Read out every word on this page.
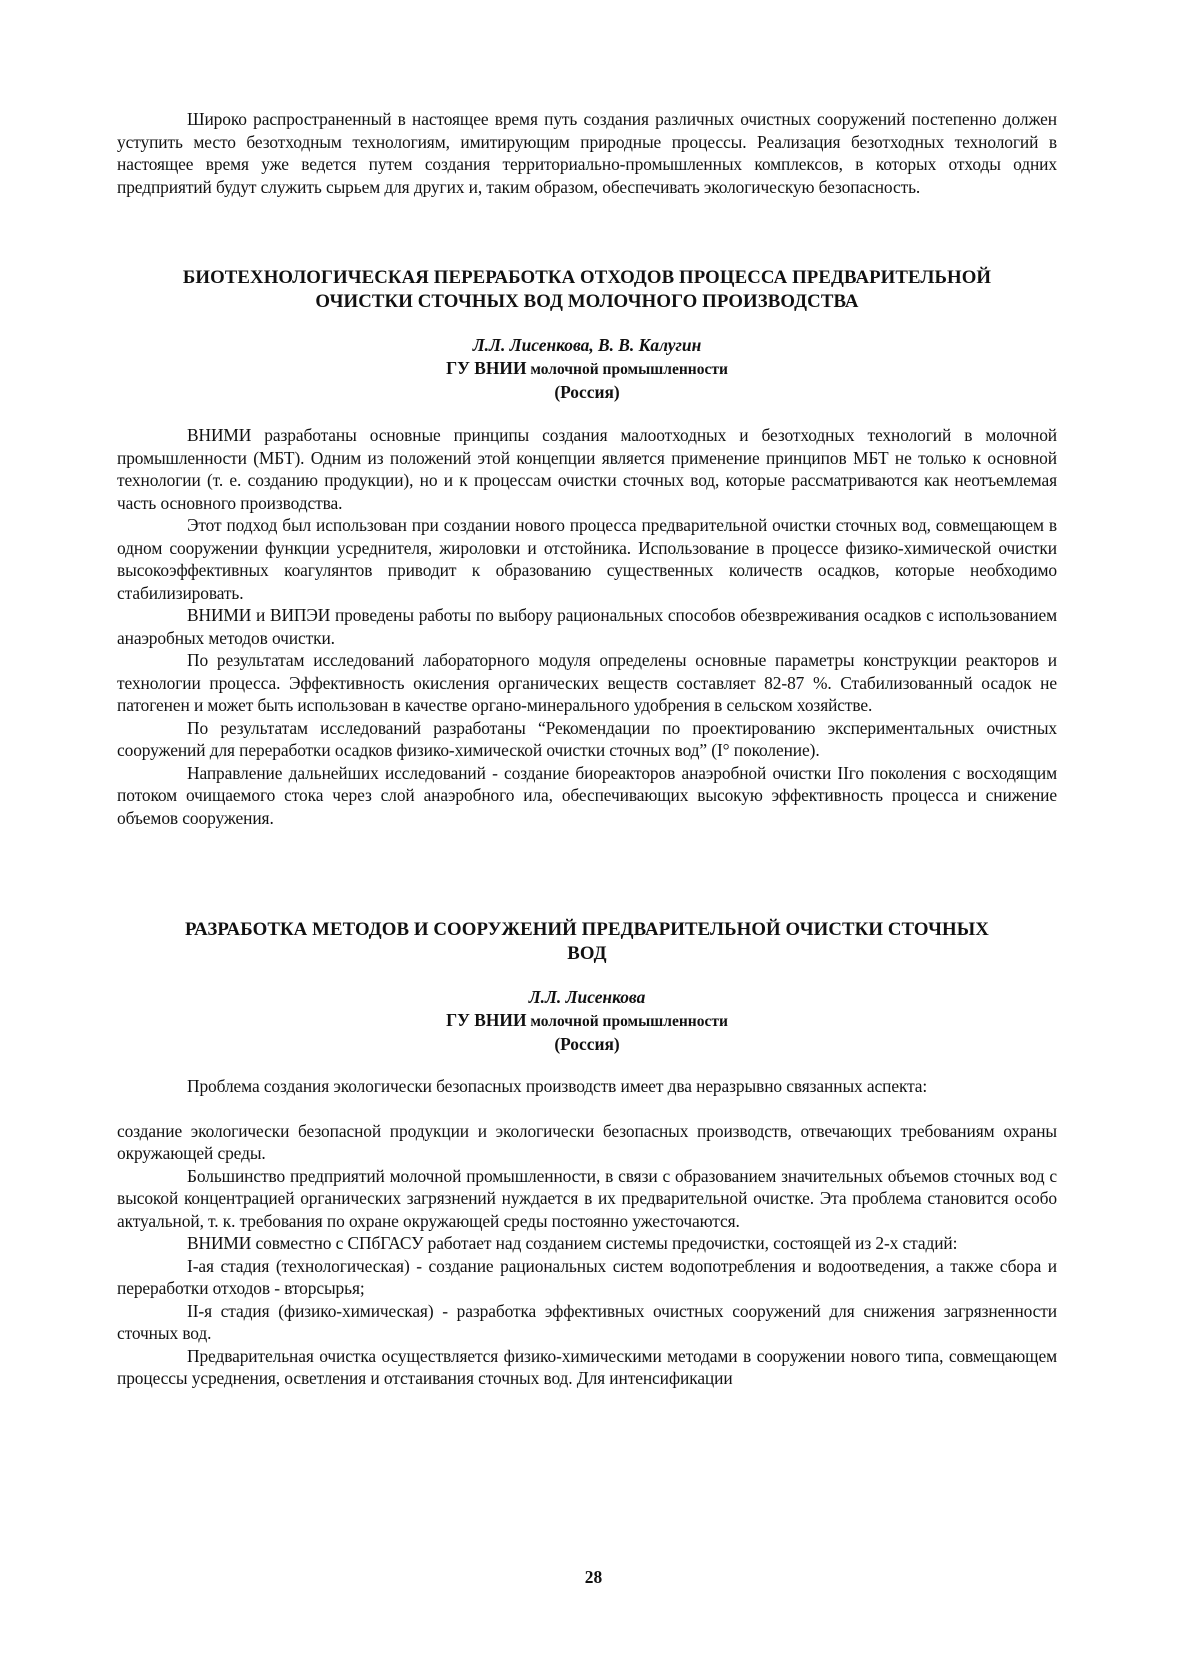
Широко распространенный в настоящее время путь создания различных очистных сооружений постепенно должен уступить место безотходным технологиям, имитирующим природные процессы. Реализация безотходных технологий в настоящее время уже ведется путем создания территориально-промышленных комплексов, в которых отходы одних предприятий будут служить сырьем для других и, таким образом, обеспечивать экологическую безопасность.

БИОТЕХНОЛОГИЧЕСКАЯ ПЕРЕРАБОТКА ОТХОДОВ ПРОЦЕССА ПРЕДВАРИТЕЛЬНОЙ
ОЧИСТКИ СТОЧНЫХ ВОД МОЛОЧНОГО ПРОИЗВОДСТВА
Л.Л. Лисенкова, В. В. Калугин
ГУ ВНИИ молочной промышленности
(Россия)

ВНИМИ разработаны основные принципы создания малоотходных и безотходных технологий в молочной промышленности (МБТ). Одним из положений этой концепции является применение принципов МБТ не только к основной технологии (т. е. созданию продукции), но и к процессам очистки сточных вод, которые рассматриваются как неотъемлемая часть основного производства.

Этот подход был использован при создании нового процесса предварительной очистки сточных вод, совмещающем в одном сооружении функции усреднителя, жироловки и отстойника. Использование в процессе физико-химической очистки высокоэффективных коагулянтов приводит к образованию существенных количеств осадков, которые необходимо стабилизировать.

ВНИМИ и ВИПЭИ проведены работы по выбору рациональных способов обезвреживания осадков с использованием анаэробных методов очистки.

По результатам исследований лабораторного модуля определены основные параметры конструкции реакторов и технологии процесса. Эффективность окисления органических веществ составляет 82-87 %. Стабилизованный осадок не патогенен и может быть использован в качестве органо-минерального удобрения в сельском хозяйстве.

По результатам исследований разработаны “Рекомендации по проектированию экспериментальных очистных сооружений для переработки осадков физико-химической очистки сточных вод” (I° поколение).

Направление дальнейших исследований - создание биореакторов анаэробной очистки IIго поколения с восходящим потоком очищаемого стока через слой анаэробного ила, обеспечивающих высокую эффективность процесса и снижение объемов сооружения.

РАЗРАБОТКА МЕТОДОВ И СООРУЖЕНИЙ ПРЕДВАРИТЕЛЬНОЙ ОЧИСТКИ СТОЧНЫХ
ВОД
Л.Л. Лисенкова
ГУ ВНИИ молочной промышленности
(Россия)

Проблема создания экологически безопасных производств имеет два неразрывно связанных аспекта:

создание экологически безопасной продукции и экологически безопасных производств, отвечающих требованиям охраны окружающей среды.

Большинство предприятий молочной промышленности, в связи с образованием значительных объемов сточных вод с высокой концентрацией органических загрязнений нуждается в их предварительной очистке. Эта проблема становится особо актуальной, т. к. требования по охране окружающей среды постоянно ужесточаются.

ВНИМИ совместно с СПбГАСУ работает над созданием системы предочистки, состоящей из 2-х стадий:

I-ая стадия (технологическая) - создание рациональных систем водопотребления и водоотведения, а также сбора и переработки отходов - вторсырья;

II-я стадия (физико-химическая) - разработка эффективных очистных сооружений для снижения загрязненности сточных вод.

Предварительная очистка осуществляется физико-химическими методами в сооружении нового типа, совмещающем процессы усреднения, осветления и отстаивания сточных вод. Для интенсификации

28
